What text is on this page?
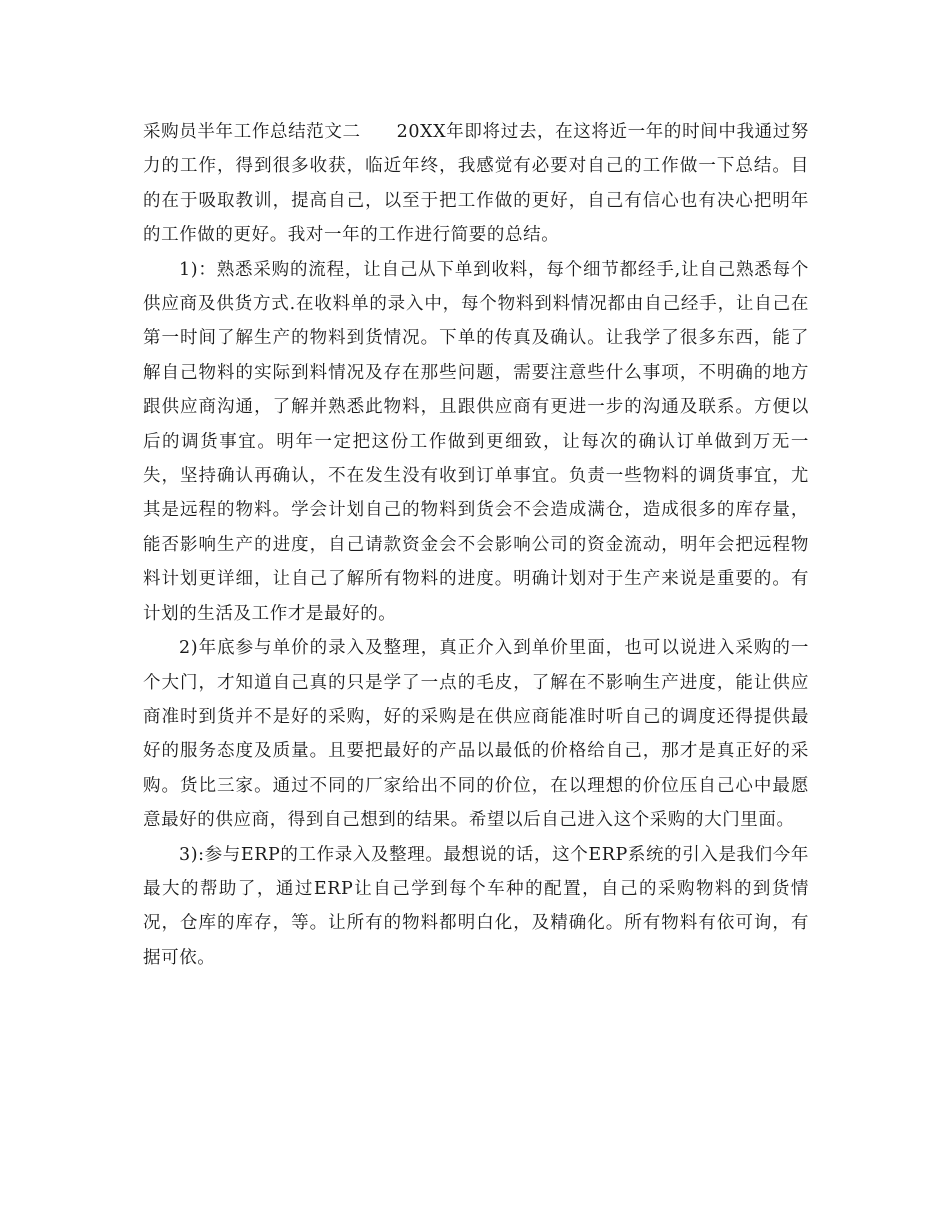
采购员半年工作总结范文二 20XX年即将过去，在这将近一年的时间中我通过努力的工作，得到很多收获，临近年终，我感觉有必要对自己的工作做一下总结。目的在于吸取教训，提高自己，以至于把工作做的更好，自己有信心也有决心把明年的工作做的更好。我对一年的工作进行简要的总结。

1)：熟悉采购的流程，让自己从下单到收料，每个细节都经手,让自己熟悉每个供应商及供货方式.在收料单的录入中，每个物料到料情况都由自己经手，让自己在第一时间了解生产的物料到货情况。下单的传真及确认。让我学了很多东西，能了解自己物料的实际到料情况及存在那些问题，需要注意些什么事项，不明确的地方跟供应商沟通，了解并熟悉此物料，且跟供应商有更进一步的沟通及联系。方便以后的调货事宜。明年一定把这份工作做到更细致，让每次的确认订单做到万无一失，坚持确认再确认，不在发生没有收到订单事宜。负责一些物料的调货事宜，尤其是远程的物料。学会计划自己的物料到货会不会造成满仓，造成很多的库存量，能否影响生产的进度，自己请款资金会不会影响公司的资金流动，明年会把远程物料计划更详细，让自己了解所有物料的进度。明确计划对于生产来说是重要的。有计划的生活及工作才是最好的。

2)年底参与单价的录入及整理，真正介入到单价里面，也可以说进入采购的一个大门，才知道自己真的只是学了一点的毛皮，了解在不影响生产进度，能让供应商准时到货并不是好的采购，好的采购是在供应商能准时听自己的调度还得提供最好的服务态度及质量。且要把最好的产品以最低的价格给自己，那才是真正好的采购。货比三家。通过不同的厂家给出不同的价位，在以理想的价位压自己心中最愿意最好的供应商，得到自己想到的结果。希望以后自己进入这个采购的大门里面。

3):参与ERP的工作录入及整理。最想说的话，这个ERP系统的引入是我们今年最大的帮助了，通过ERP让自己学到每个车种的配置，自己的采购物料的到货情况，仓库的库存，等。让所有的物料都明白化，及精确化。所有物料有依可询，有据可依。
